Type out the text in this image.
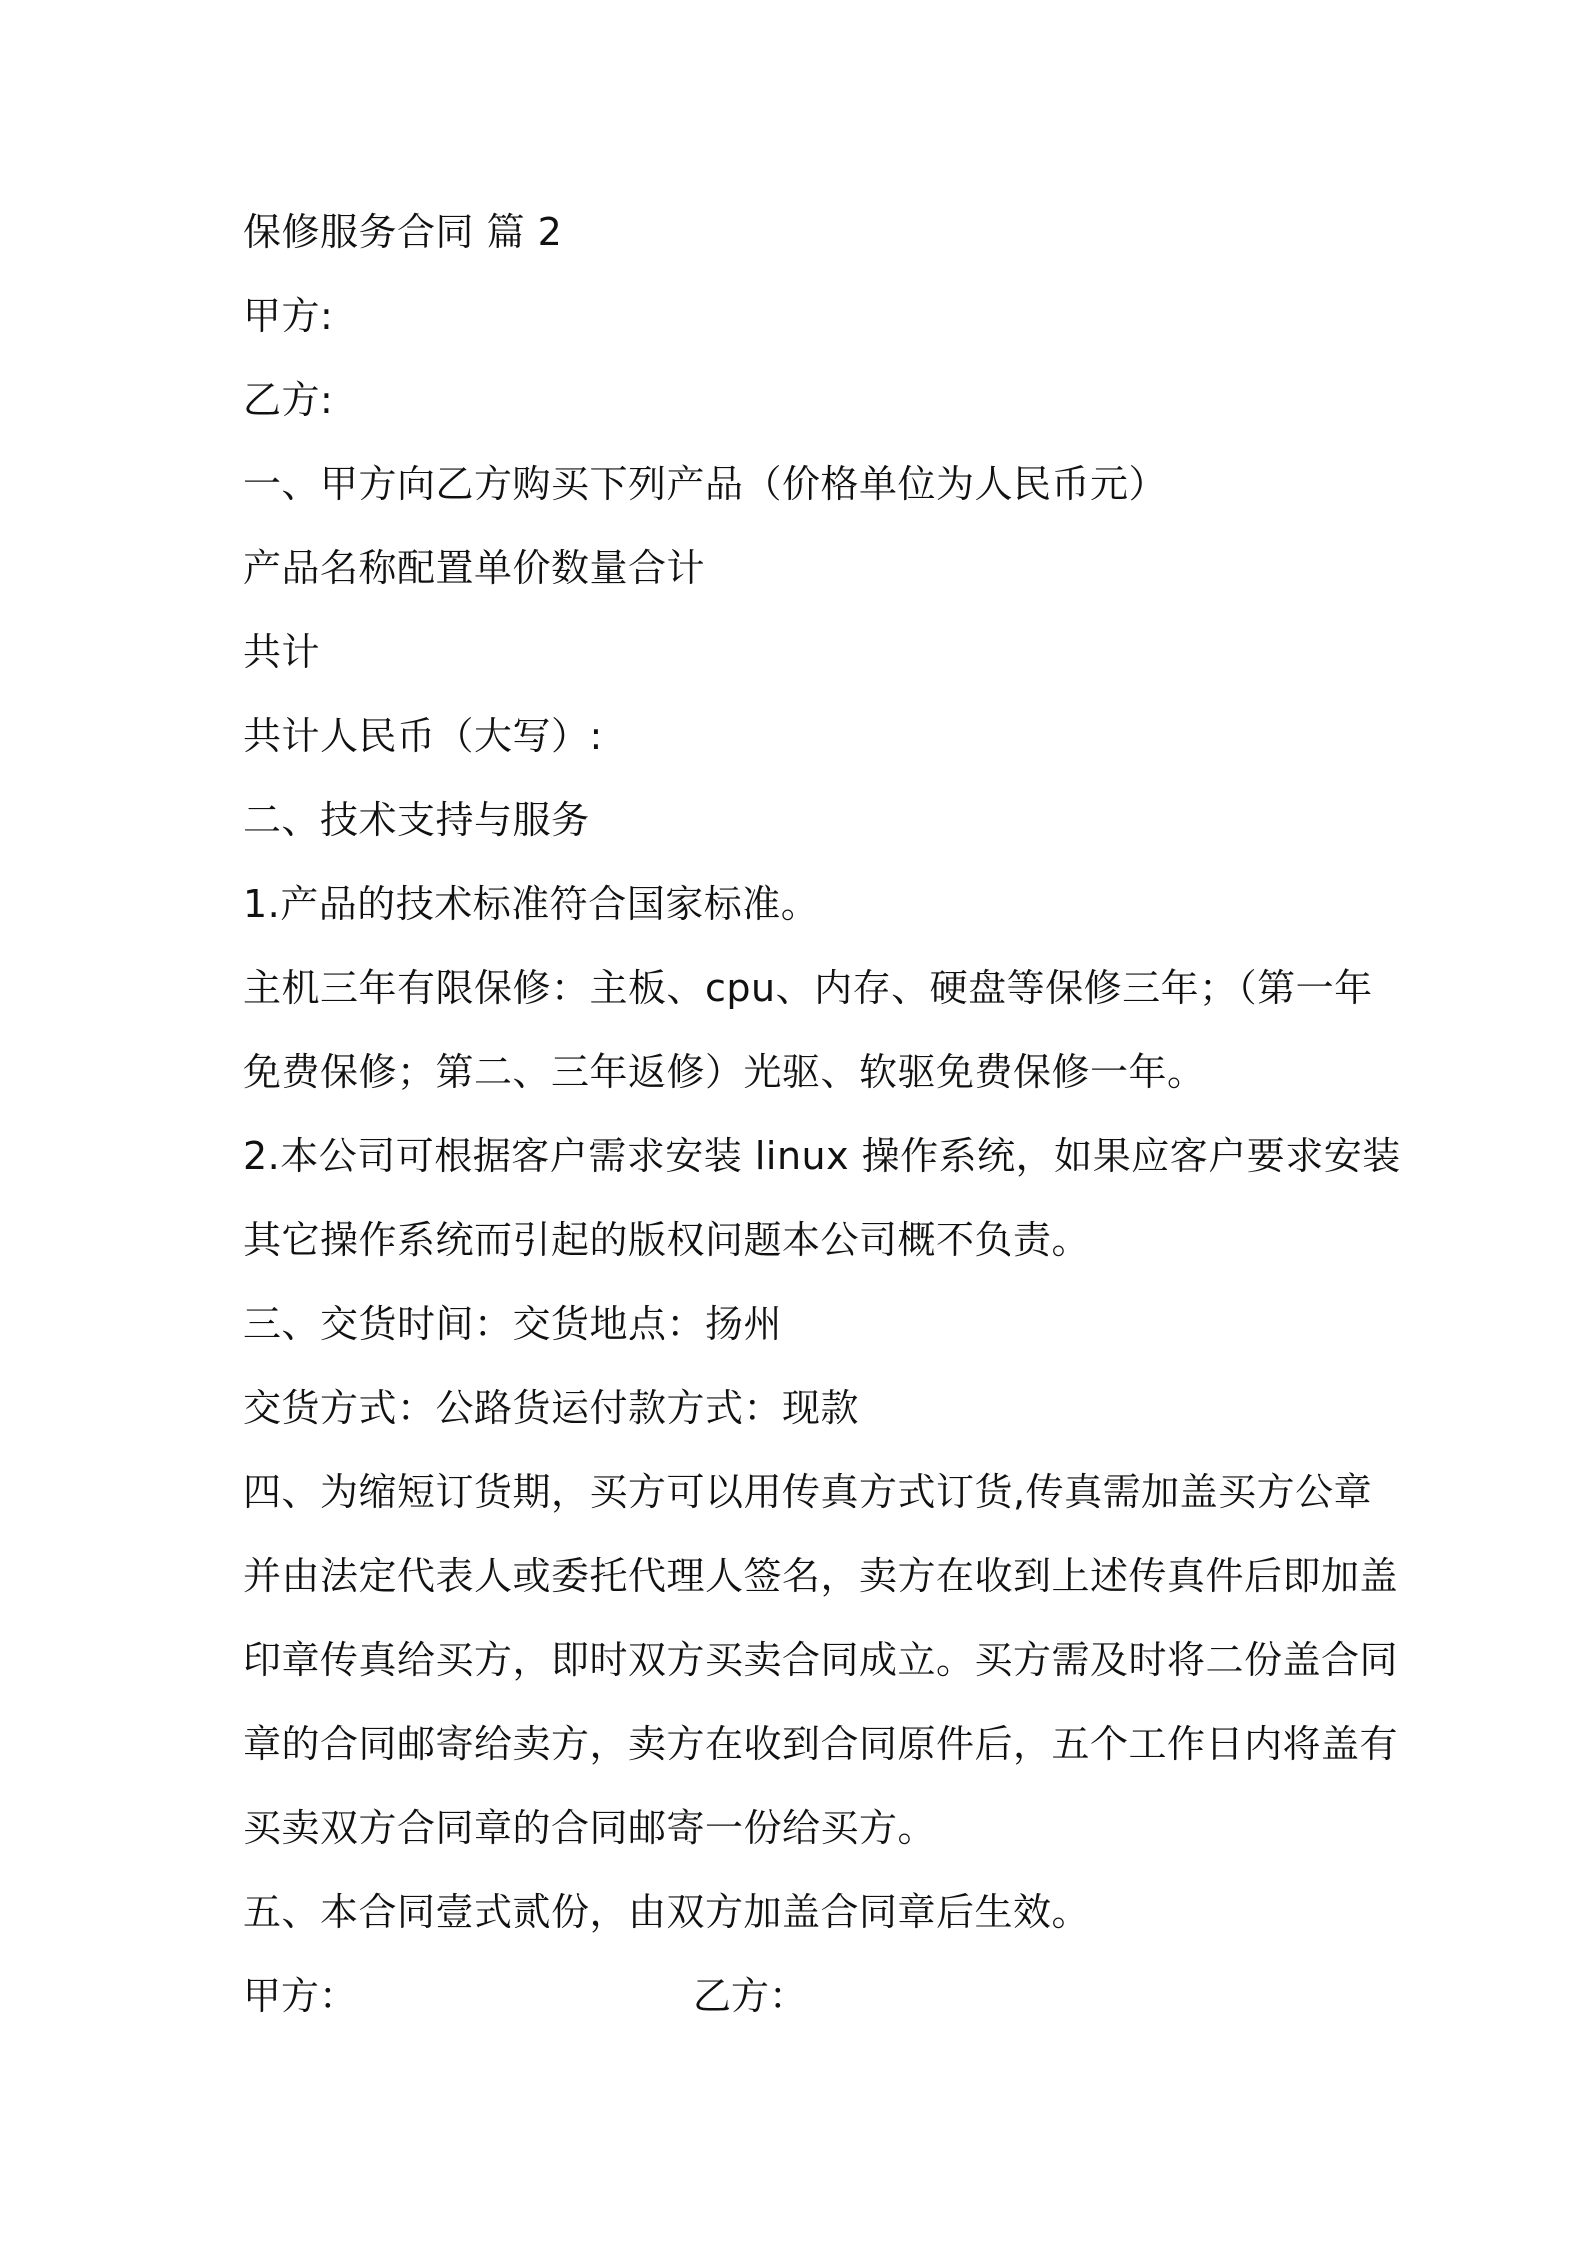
保修服务合同 篇 2
甲方:
乙方:
一、甲方向乙方购买下列产品（价格单位为人民币元）
产品名称配置单价数量合计
共计
共计人民币（大写）:
二、技术支持与服务
1.产品的技术标准符合国家标准。
主机三年有限保修：主板、cpu、内存、硬盘等保修三年；（第一年
免费保修；第二、三年返修）光驱、软驱免费保修一年。
2.本公司可根据客户需求安装 linux 操作系统，如果应客户要求安装
其它操作系统而引起的版权问题本公司概不负责。
三、交货时间：交货地点：扬州
交货方式：公路货运付款方式：现款
四、为缩短订货期，买方可以用传真方式订货,传真需加盖买方公章
并由法定代表人或委托代理人签名，卖方在收到上述传真件后即加盖
印章传真给买方，即时双方买卖合同成立。买方需及时将二份盖合同
章的合同邮寄给卖方，卖方在收到合同原件后，五个工作日内将盖有
买卖双方合同章的合同邮寄一份给买方。
五、本合同壹式贰份，由双方加盖合同章后生效。
甲方：	乙方：
